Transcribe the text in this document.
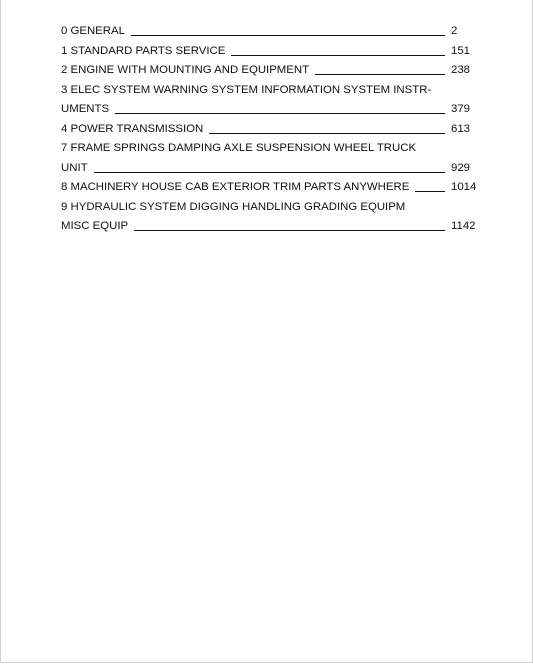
0 GENERAL	2
1 STANDARD PARTS SERVICE	151
2 ENGINE WITH MOUNTING AND EQUIPMENT	238
3 ELEC SYSTEM WARNING SYSTEM INFORMATION SYSTEM INSTR-
UMENTS	379
4 POWER TRANSMISSION	613
7 FRAME SPRINGS DAMPING AXLE SUSPENSION WHEEL TRUCK
UNIT	929
8 MACHINERY HOUSE CAB EXTERIOR TRIM PARTS ANYWHERE	1014
9 HYDRAULIC SYSTEM DIGGING HANDLING GRADING EQUIPM
MISC EQUIP	1142
